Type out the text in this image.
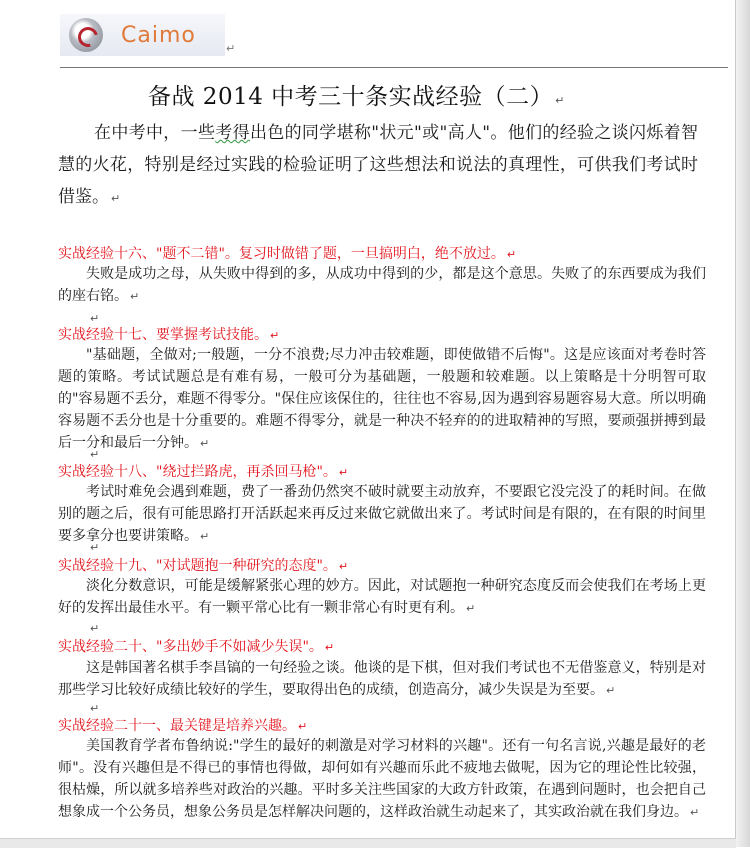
Caimo
↵
备战 2014 中考三十条实战经验（二） ↵

在中考中，一些考得出色的同学堪称"状元"或"高人"。他们的经验之谈闪烁着智慧的火花，特别是经过实践的检验证明了这些想法和说法的真理性，可供我们考试时借鉴。 ↵

实战经验十六、"题不二错"。复习时做错了题，一旦搞明白，绝不放过。 ↵

失败是成功之母，从失败中得到的多，从成功中得到的少，都是这个意思。失败了的东西要成为我们的座右铭。 ↵

↵
实战经验十七、要掌握考试技能。 ↵

"基础题，全做对;一般题，一分不浪费;尽力冲击较难题，即使做错不后悔"。这是应该面对考卷时答题的策略。考试试题总是有难有易，一般可分为基础题，一般题和较难题。以上策略是十分明智可取的"容易题不丢分，难题不得零分。"保住应该保住的，往往也不容易,因为遇到容易题容易大意。所以明确容易题不丢分也是十分重要的。难题不得零分，就是一种决不轻弃的的进取精神的写照，要顽强拼搏到最后一分和最后一分钟。 ↵

↵
实战经验十八、"绕过拦路虎，再杀回马枪"。 ↵

考试时难免会遇到难题，费了一番劲仍然突不破时就要主动放弃，不要跟它没完没了的耗时间。在做别的题之后，很有可能思路打开活跃起来再反过来做它就做出来了。考试时间是有限的，在有限的时间里要多拿分也要讲策略。 ↵

↵
实战经验十九、"对试题抱一种研究的态度"。 ↵

淡化分数意识，可能是缓解紧张心理的妙方。因此，对试题抱一种研究态度反而会使我们在考场上更好的发挥出最佳水平。有一颗平常心比有一颗非常心有时更有利。 ↵

↵
实战经验二十、"多出妙手不如减少失误"。 ↵

这是韩国著名棋手李昌镐的一句经验之谈。他谈的是下棋，但对我们考试也不无借鉴意义，特别是对那些学习比较好成绩比较好的学生，要取得出色的成绩，创造高分，减少失误是为至要。 ↵

↵
实战经验二十一、最关键是培养兴趣。 ↵

美国教育学者布鲁纳说:"学生的最好的刺激是对学习材料的兴趣"。还有一句名言说,兴趣是最好的老师"。没有兴趣但是不得已的事情也得做，却何如有兴趣而乐此不疲地去做呢，因为它的理论性比较强，很枯燥，所以就多培养些对政治的兴趣。平时多关注些国家的大政方针政策，在遇到问题时，也会把自己想象成一个公务员，想象公务员是怎样解决问题的，这样政治就生动起来了，其实政治就在我们身边。 ↵
